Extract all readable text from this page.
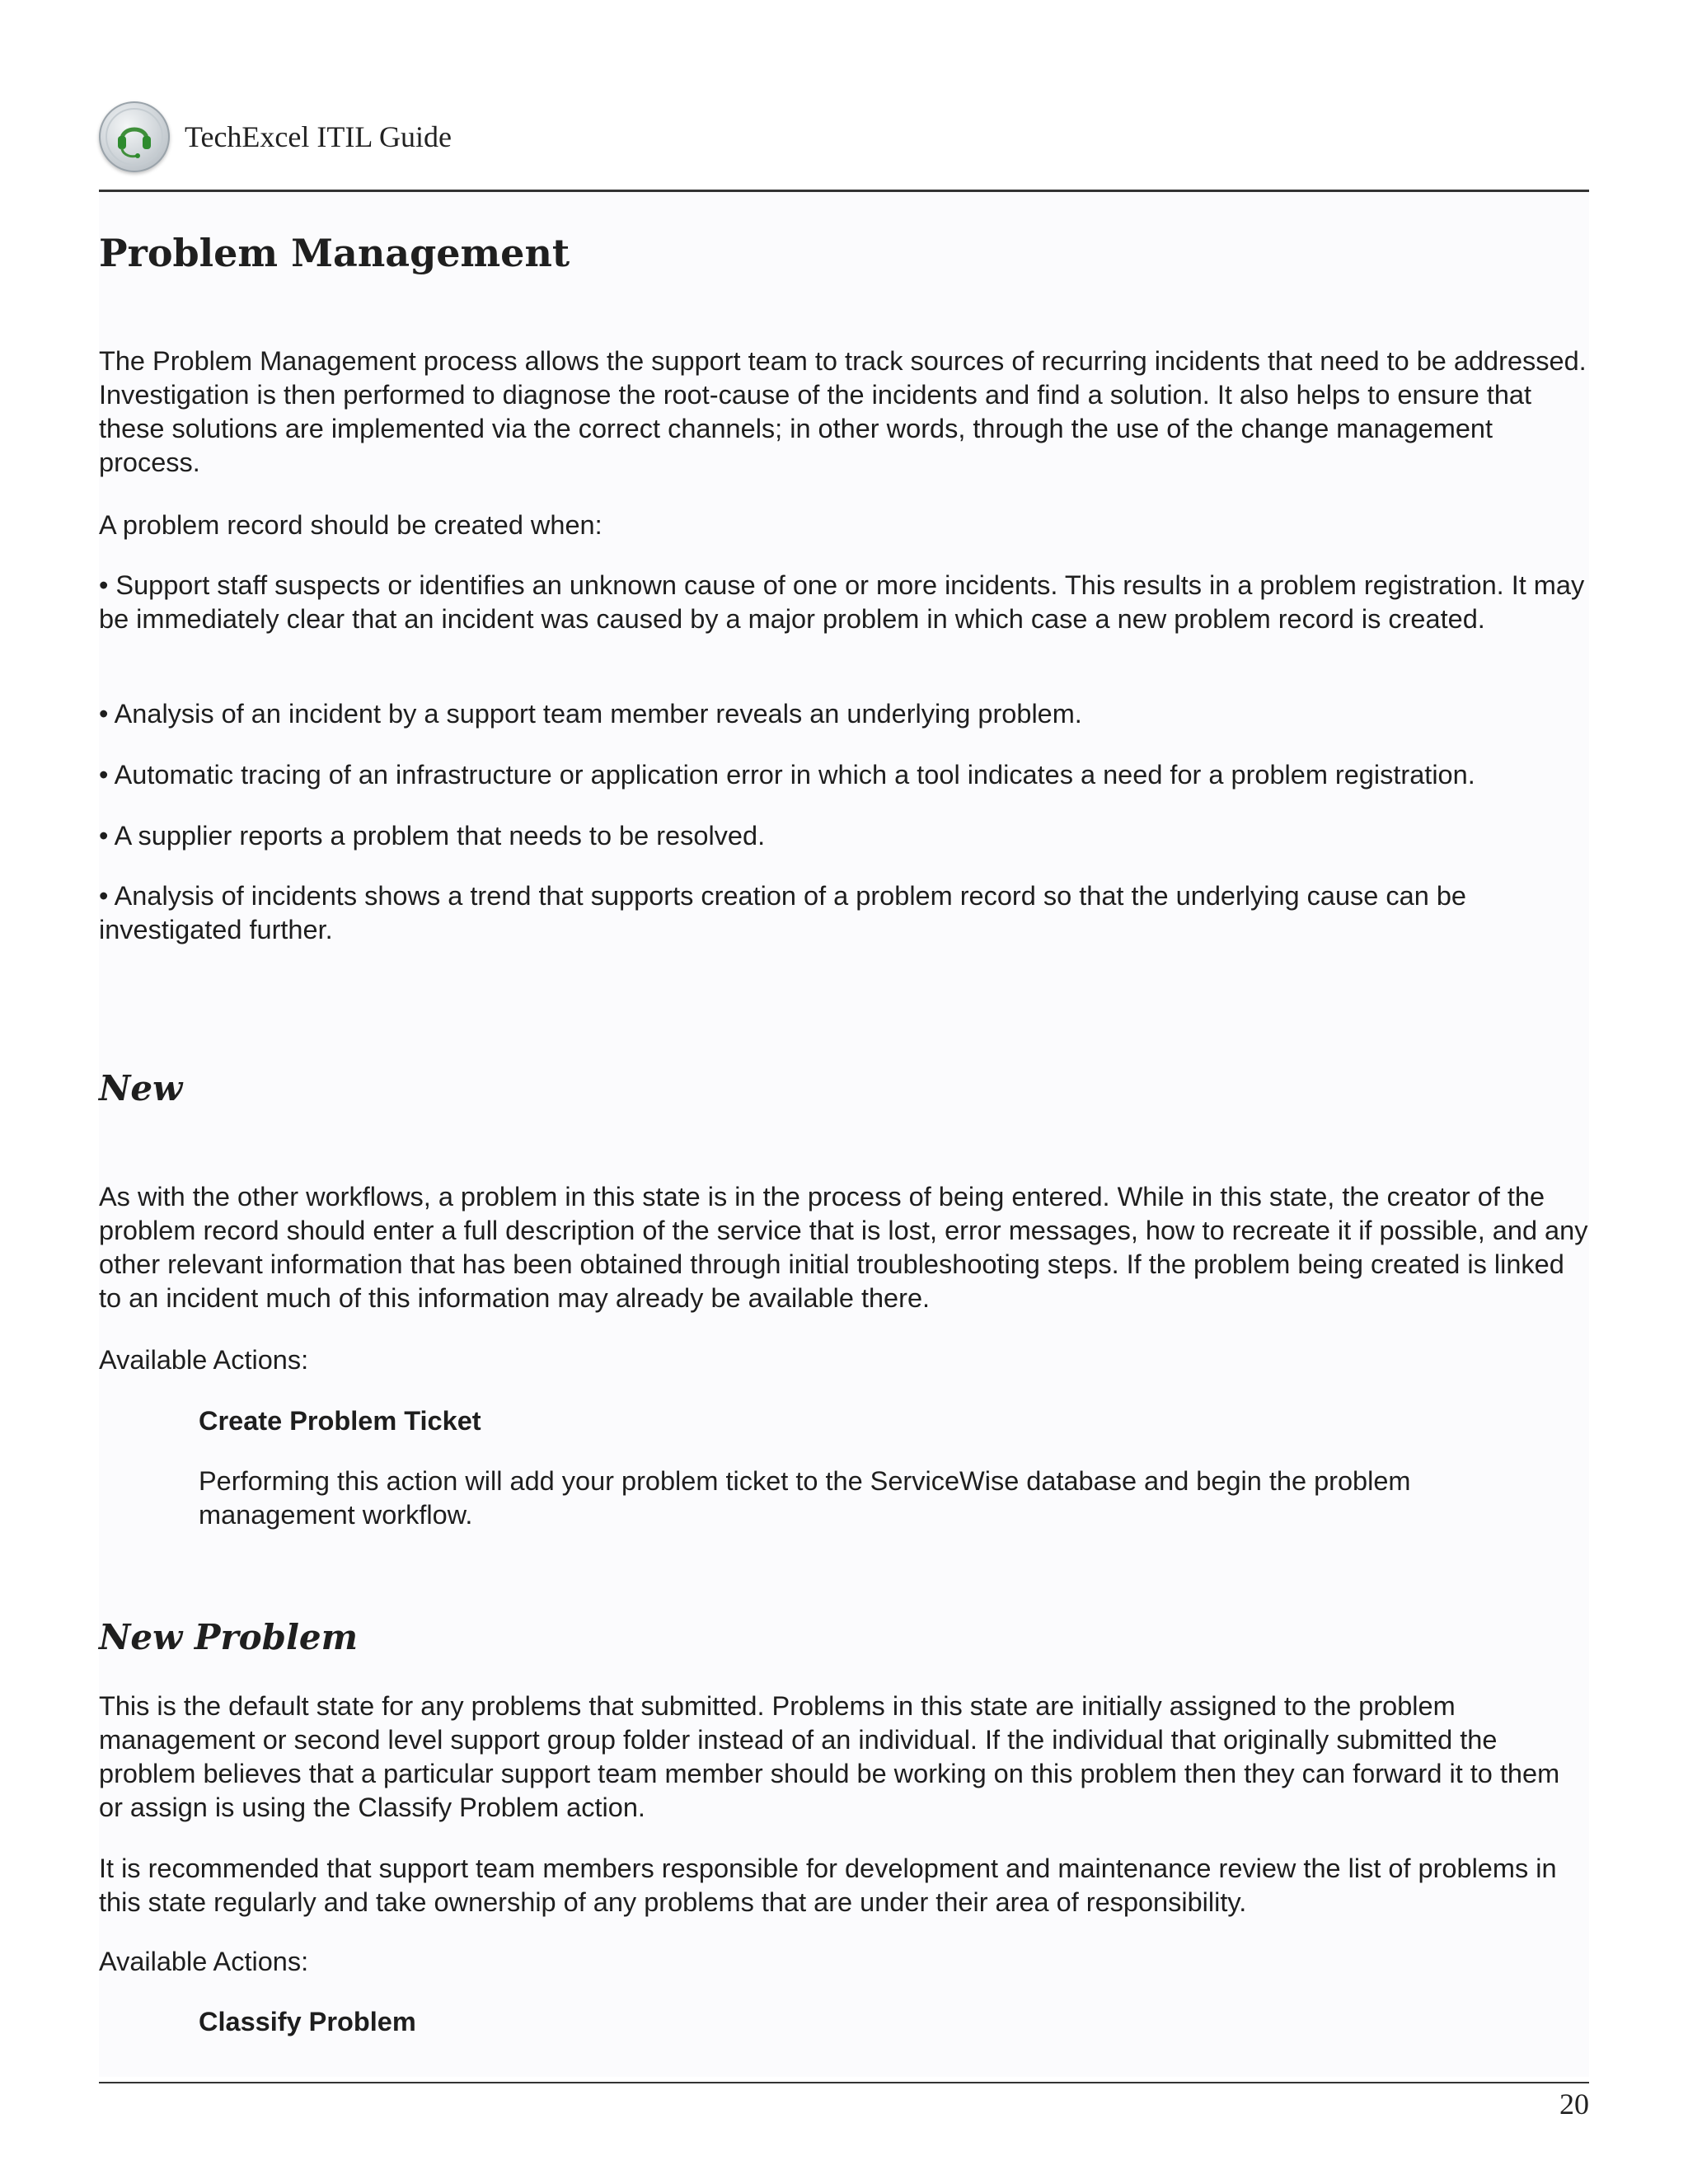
TechExcel ITIL Guide
Problem Management

The Problem Management process allows the support team to track sources of recurring incidents that need to be addressed. Investigation is then performed to diagnose the root-cause of the incidents and find a solution. It also helps to ensure that these solutions are implemented via the correct channels; in other words, through the use of the change management process.

A problem record should be created when:

• Support staff suspects or identifies an unknown cause of one or more incidents. This results in a problem registration. It may be immediately clear that an incident was caused by a major problem in which case a new problem record is created.

• Analysis of an incident by a support team member reveals an underlying problem.

• Automatic tracing of an infrastructure or application error in which a tool indicates a need for a problem registration.

• A supplier reports a problem that needs to be resolved.

• Analysis of incidents shows a trend that supports creation of a problem record so that the underlying cause can be investigated further.

New

As with the other workflows, a problem in this state is in the process of being entered. While in this state, the creator of the problem record should enter a full description of the service that is lost, error messages, how to recreate it if possible, and any other relevant information that has been obtained through initial troubleshooting steps. If the problem being created is linked to an incident much of this information may already be available there.

Available Actions:

Create Problem Ticket

Performing this action will add your problem ticket to the ServiceWise database and begin the problem management workflow.

New Problem

This is the default state for any problems that submitted. Problems in this state are initially assigned to the problem management or second level support group folder instead of an individual. If the individual that originally submitted the problem believes that a particular support team member should be working on this problem then they can forward it to them or assign is using the Classify Problem action.

It is recommended that support team members responsible for development and maintenance review the list of problems in this state regularly and take ownership of any problems that are under their area of responsibility.

Available Actions:

Classify Problem

20
